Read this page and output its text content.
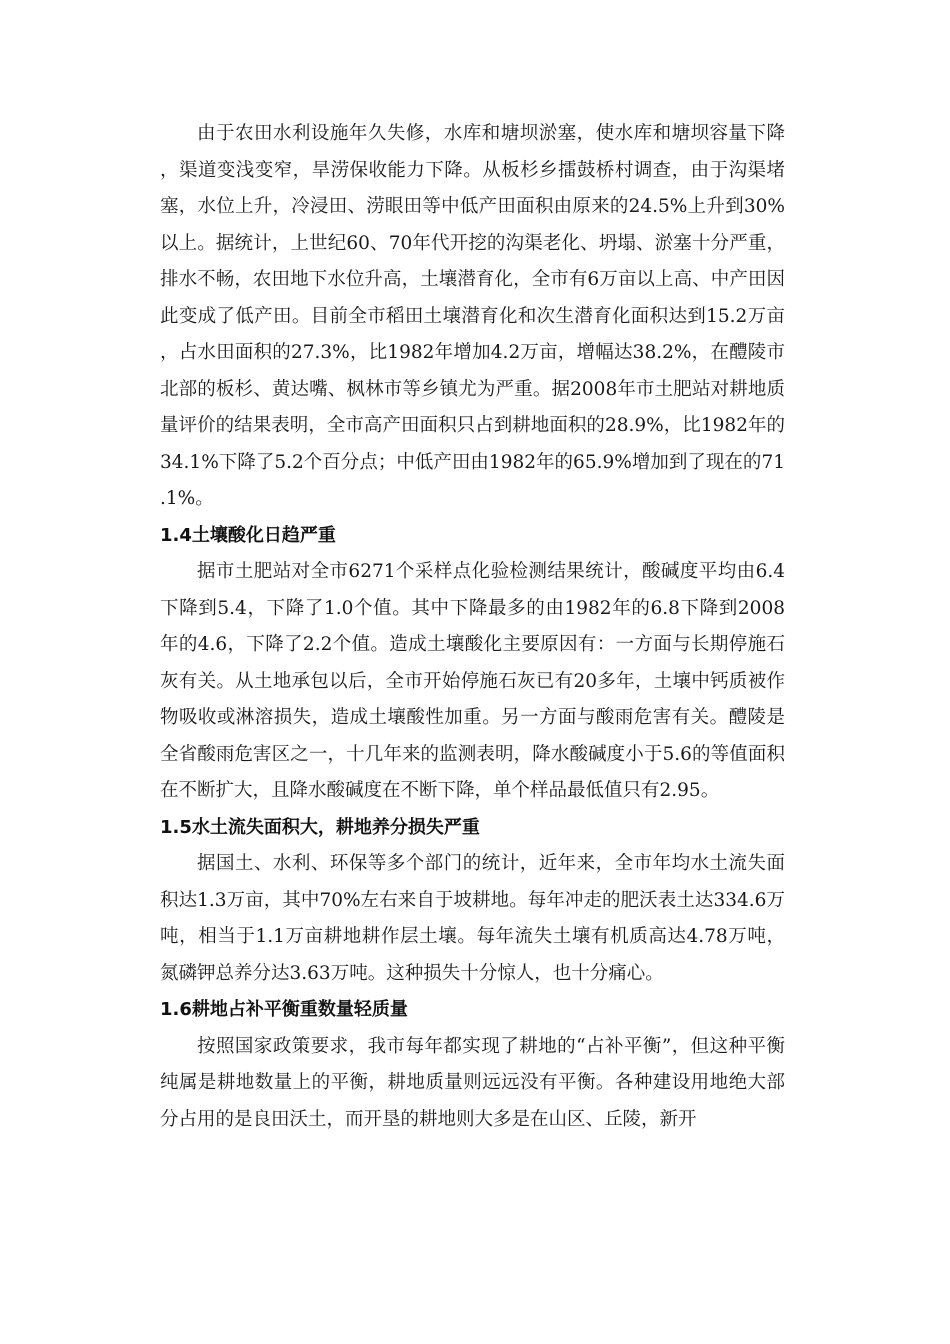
由于农田水利设施年久失修，水库和塘坝淤塞，使水库和塘坝容量下降，渠道变浅变窄，旱涝保收能力下降。从板杉乡擂鼓桥村调查，由于沟渠堵塞，水位上升，冷浸田、涝眼田等中低产田面积由原来的24.5%上升到30%以上。据统计，上世纪60、70年代开挖的沟渠老化、坍塌、淤塞十分严重，排水不畅，农田地下水位升高，土壤潜育化，全市有6万亩以上高、中产田因此变成了低产田。目前全市稻田土壤潜育化和次生潜育化面积达到15.2万亩，占水田面积的27.3%，比1982年增加4.2万亩，增幅达38.2%，在醴陵市北部的板杉、黄达嘴、枫林市等乡镇尤为严重。据2008年市土肥站对耕地质量评价的结果表明，全市高产田面积只占到耕地面积的28.9%，比1982年的34.1%下降了5.2个百分点；中低产田由1982年的65.9%增加到了现在的71.1%。

1.4土壤酸化日趋严重

据市土肥站对全市6271个采样点化验检测结果统计，酸碱度平均由6.4下降到5.4，下降了1.0个值。其中下降最多的由1982年的6.8下降到2008年的4.6，下降了2.2个值。造成土壤酸化主要原因有：一方面与长期停施石灰有关。从土地承包以后，全市开始停施石灰已有20多年，土壤中钙质被作物吸收或淋溶损失，造成土壤酸性加重。另一方面与酸雨危害有关。醴陵是全省酸雨危害区之一，十几年来的监测表明，降水酸碱度小于5.6的等值面积在不断扩大，且降水酸碱度在不断下降，单个样品最低值只有2.95。

1.5水土流失面积大，耕地养分损失严重

据国土、水利、环保等多个部门的统计，近年来，全市年均水土流失面积达1.3万亩，其中70%左右来自于坡耕地。每年冲走的肥沃表土达334.6万吨，相当于1.1万亩耕地耕作层土壤。每年流失土壤有机质高达4.78万吨，氮磷钾总养分达3.63万吨。这种损失十分惊人，也十分痛心。

1.6耕地占补平衡重数量轻质量

按照国家政策要求，我市每年都实现了耕地的“占补平衡”，但这种平衡纯属是耕地数量上的平衡，耕地质量则远远没有平衡。各种建设用地绝大部分占用的是良田沃土，而开垦的耕地则大多是在山区、丘陵，新开
